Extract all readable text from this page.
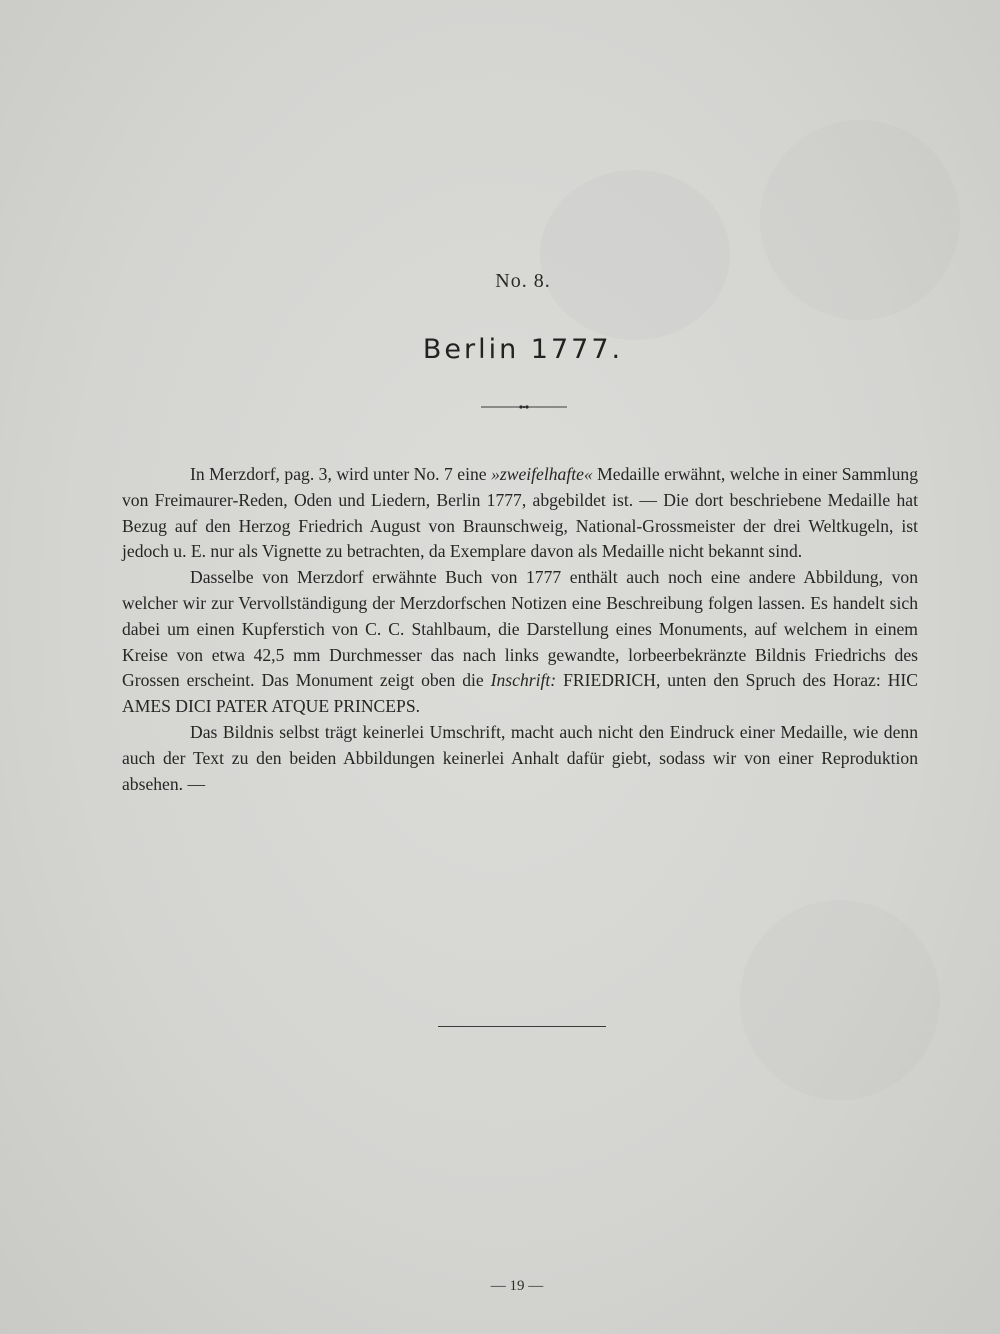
No. 8.
Berlin 1777.

In Merzdorf, pag. 3, wird unter No. 7 eine »zweifelhafte« Medaille erwähnt, welche in einer Sammlung von Freimaurer-Reden, Oden und Liedern, Berlin 1777, abgebildet ist. — Die dort beschriebene Medaille hat Bezug auf den Herzog Friedrich August von Braunschweig, National-Grossmeister der drei Weltkugeln, ist jedoch u. E. nur als Vignette zu betrachten, da Exemplare davon als Medaille nicht bekannt sind.

Dasselbe von Merzdorf erwähnte Buch von 1777 enthält auch noch eine andere Abbildung, von welcher wir zur Vervollständigung der Merzdorfschen Notizen eine Beschreibung folgen lassen. Es handelt sich dabei um einen Kupferstich von C. C. Stahlbaum, die Darstellung eines Monuments, auf welchem in einem Kreise von etwa 42,5 mm Durchmesser das nach links gewandte, lorbeerbekränzte Bildnis Friedrichs des Grossen erscheint. Das Monument zeigt oben die Inschrift: FRIEDRICH, unten den Spruch des Horaz: HIC AMES DICI PATER ATQUE PRINCEPS.

Das Bildnis selbst trägt keinerlei Umschrift, macht auch nicht den Eindruck einer Medaille, wie denn auch der Text zu den beiden Abbildungen keinerlei Anhalt dafür giebt, sodass wir von einer Reproduktion absehen. —

— 19 —
